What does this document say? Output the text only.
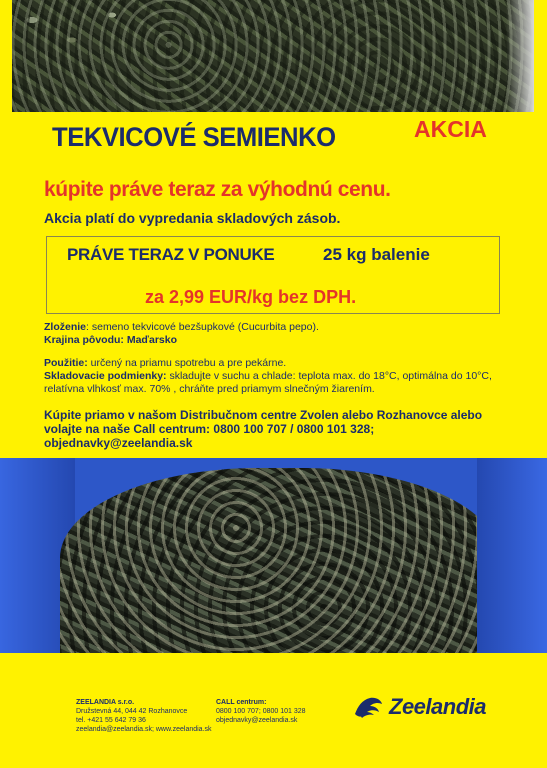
TEKVICOVÉ SEMIENKO	AKCIA
kúpite práve teraz za výhodnú cenu.
Akcia platí do vypredania skladových zásob.
PRÁVE TERAZ V PONUKE	25 kg balenie
za 2,99 EUR/kg bez DPH.
Zloženie: semeno tekvicové bezšupkové (Cucurbita pepo).
Krajina pôvodu: Maďarsko
Použitie: určený na priamu spotrebu a pre pekárne.
Skladovacie podmienky: skladujte v suchu a chlade: teplota max. do 18°C, optimálna do 10°C, relatívna vlhkosť max. 70% , chráňte pred priamym slnečným žiarením.
Kúpite priamo v našom Distribučnom centre Zvolen alebo Rozhanovce alebo volajte na naše Call centrum: 0800 100 707 / 0800 101 328; objednavky@zeelandia.sk
ZEELANDIA s.r.o.
Družstevná 44, 044 42 Rozhanovce
tel. +421 55 642 79 36
zeelandia@zeelandia.sk; www.zeelandia.sk
CALL centrum:
0800 100 707; 0800 101 328
objednavky@zeelandia.sk
Zeelandia
